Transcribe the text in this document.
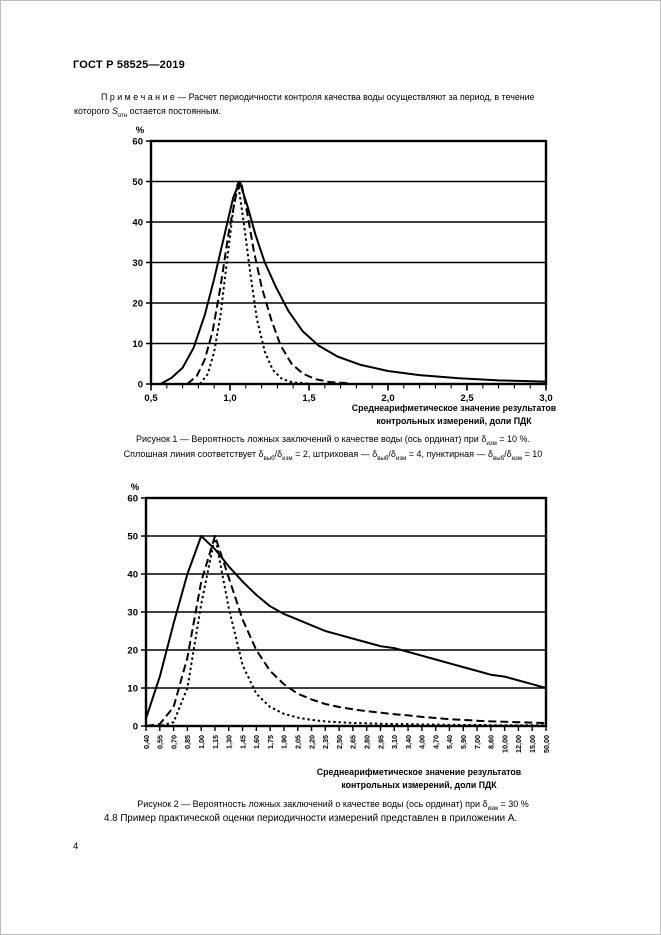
ГОСТ Р 58525—2019
П р и м е ч а н и е — Расчет периодичности контроля качества воды осуществляют за период, в течение
которого $S_{отн}$ остается постоянным.
0
10
20
30
40
50
60
%
0,5	1,0	1,5	2,0	2,5	3,0
Среднеарифметическое значение результатов
контрольных измерений, доли ПДК
Рисунок 1 — Вероятность ложных заключений о качестве воды (ось ординат) при $\delta_{изм} = 10$ %.
Сплошная линия соответствует $\delta_{выб}/\delta_{изм} = 2$, штриховая — $\delta_{выб}/\delta_{изм} = 4$, пунктирная — $\delta_{выб}/\delta_{изм} = 10$
0
10
20
30
40
50
60
%
0,40 0,55 0,70 0,85 1,00 1,15 1,30 1,45 1,60 1,75 1,90 2,05 2,20 2,35 2,50 2,65 2,80 2,95 3,10 3,40 4,00 4,70 5,40 5,90 7,00 8,60 10,00 12,00 15,00 50,00
Среднеарифметическое значение результатов
контрольных измерений, доли ПДК
Рисунок 2 — Вероятность ложных заключений о качестве воды (ось ординат) при $\delta_{изм} = 30$ %
4.8 Пример практической оценки периодичности измерений представлен в приложении А.
4
